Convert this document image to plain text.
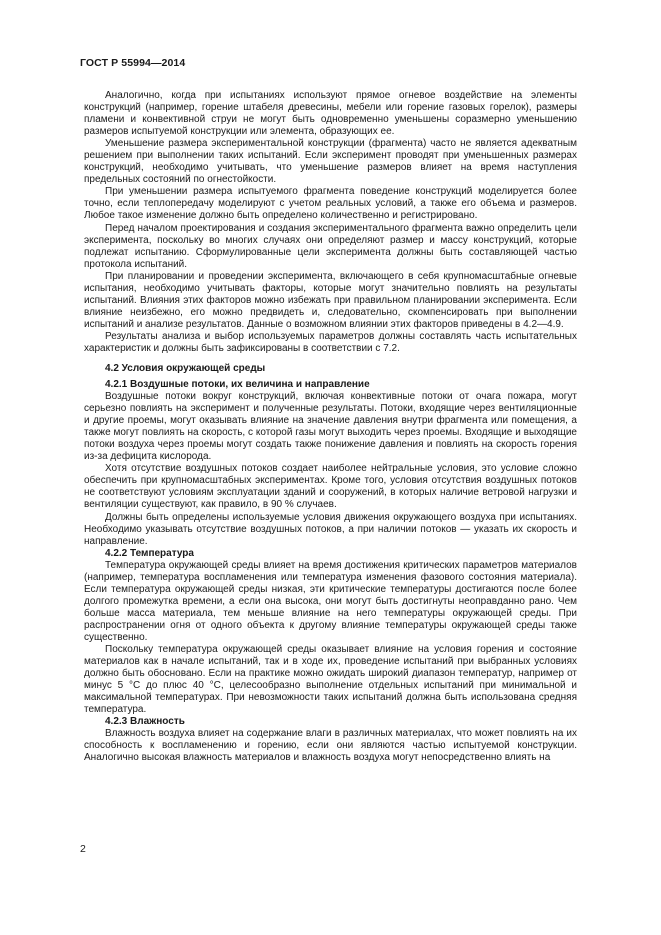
ГОСТ Р 55994—2014

Аналогично, когда при испытаниях используют прямое огневое воздействие на элементы конструкций (например, горение штабеля древесины, мебели или горение газовых горелок), размеры пламени и конвективной струи не могут быть одновременно уменьшены соразмерно уменьшению размеров испытуемой конструкции или элемента, образующих ее.

Уменьшение размера экспериментальной конструкции (фрагмента) часто не является адекватным решением при выполнении таких испытаний. Если эксперимент проводят при уменьшенных размерах конструкций, необходимо учитывать, что уменьшение размеров влияет на время наступления предельных состояний по огнестойкости.

При уменьшении размера испытуемого фрагмента поведение конструкций моделируется более точно, если теплопередачу моделируют с учетом реальных условий, а также его объема и размеров. Любое такое изменение должно быть определено количественно и регистрировано.

Перед началом проектирования и создания экспериментального фрагмента важно определить цели эксперимента, поскольку во многих случаях они определяют размер и массу конструкций, которые подлежат испытанию. Сформулированные цели эксперимента должны быть составляющей частью протокола испытаний.

При планировании и проведении эксперимента, включающего в себя крупномасштабные огневые испытания, необходимо учитывать факторы, которые могут значительно повлиять на результаты испытаний. Влияния этих факторов можно избежать при правильном планировании эксперимента. Если влияние неизбежно, его можно предвидеть и, следовательно, скомпенсировать при выполнении испытаний и анализе результатов. Данные о возможном влиянии этих факторов приведены в 4.2—4.9.

Результаты анализа и выбор используемых параметров должны составлять часть испытательных характеристик и должны быть зафиксированы в соответствии с 7.2.

4.2 Условия окружающей среды
4.2.1 Воздушные потоки, их величина и направление

Воздушные потоки вокруг конструкций, включая конвективные потоки от очага пожара, могут серьезно повлиять на эксперимент и полученные результаты. Потоки, входящие через вентиляционные и другие проемы, могут оказывать влияние на значение давления внутри фрагмента или помещения, а также могут повлиять на скорость, с которой газы могут выходить через проемы. Входящие и выходящие потоки воздуха через проемы могут создать также понижение давления и повлиять на скорость горения из-за дефицита кислорода.

Хотя отсутствие воздушных потоков создает наиболее нейтральные условия, это условие сложно обеспечить при крупномасштабных экспериментах. Кроме того, условия отсутствия воздушных потоков не соответствуют условиям эксплуатации зданий и сооружений, в которых наличие ветровой нагрузки и вентиляции существуют, как правило, в 90 % случаев.

Должны быть определены используемые условия движения окружающего воздуха при испытаниях. Необходимо указывать отсутствие воздушных потоков, а при наличии потоков — указать их скорость и направление.

4.2.2 Температура

Температура окружающей среды влияет на время достижения критических параметров материалов (например, температура воспламенения или температура изменения фазового состояния материала). Если температура окружающей среды низкая, эти критические температуры достигаются после более долгого промежутка времени, а если она высока, они могут быть достигнуты неоправданно рано. Чем больше масса материала, тем меньше влияние на него температуры окружающей среды. При распространении огня от одного объекта к другому влияние температуры окружающей среды также существенно.

Поскольку температура окружающей среды оказывает влияние на условия горения и состояние материалов как в начале испытаний, так и в ходе их, проведение испытаний при выбранных условиях должно быть обосновано. Если на практике можно ожидать широкий диапазон температур, например от минус 5 °C до плюс 40 °C, целесообразно выполнение отдельных испытаний при минимальной и максимальной температурах. При невозможности таких испытаний должна быть использована средняя температура.

4.2.3 Влажность

Влажность воздуха влияет на содержание влаги в различных материалах, что может повлиять на их способность к воспламенению и горению, если они являются частью испытуемой конструкции. Аналогично высокая влажность материалов и влажность воздуха могут непосредственно влиять на

2
